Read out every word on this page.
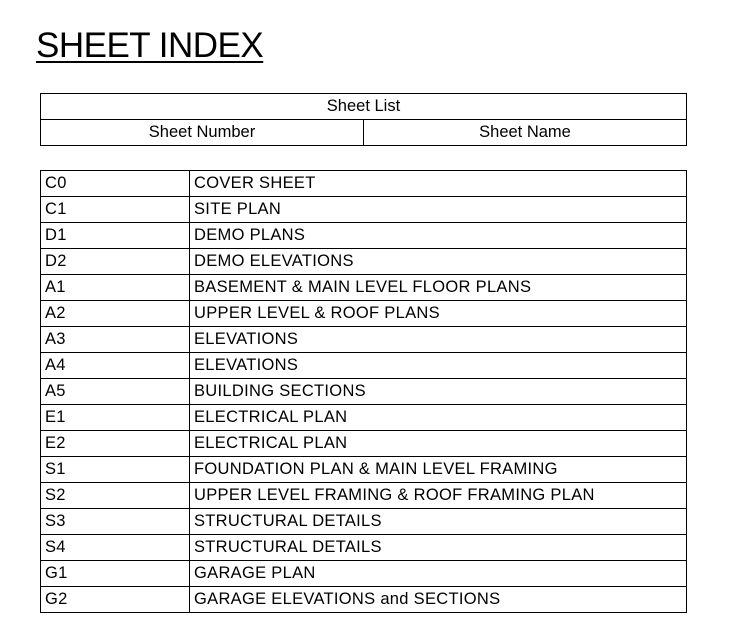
SHEET INDEX
Sheet List
Sheet Number	Sheet Name
C0	COVER SHEET
C1	SITE PLAN
D1	DEMO PLANS
D2	DEMO ELEVATIONS
A1	BASEMENT & MAIN LEVEL FLOOR PLANS
A2	UPPER LEVEL & ROOF PLANS
A3	ELEVATIONS
A4	ELEVATIONS
A5	BUILDING SECTIONS
E1	ELECTRICAL PLAN
E2	ELECTRICAL PLAN
S1	FOUNDATION PLAN & MAIN LEVEL FRAMING
S2	UPPER LEVEL FRAMING & ROOF FRAMING PLAN
S3	STRUCTURAL DETAILS
S4	STRUCTURAL DETAILS
G1	GARAGE PLAN
G2	GARAGE ELEVATIONS and SECTIONS
